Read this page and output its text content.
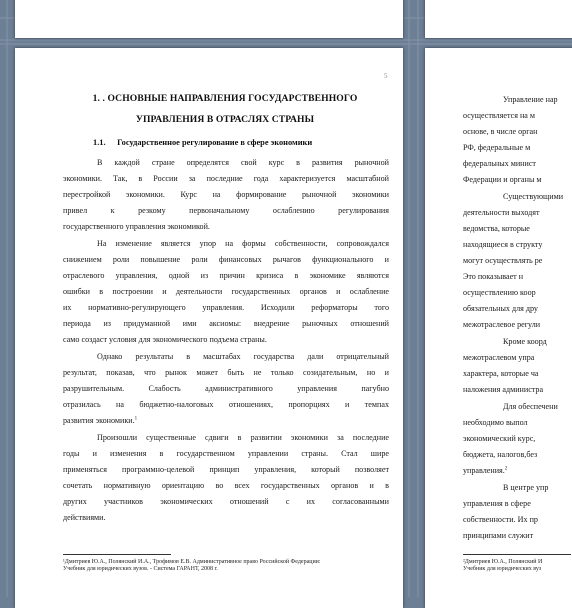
5
1. . ОСНОВНЫЕ НАПРАВЛЕНИЯ ГОСУДАРСТВЕННОГО
УПРАВЛЕНИЯ В ОТРАСЛЯХ СТРАНЫ
1.1. Государственное регулирование в сфере экономики
В каждой стране определятся свой курс в развития рыночной
экономики. Так, в России за последние года характеризуется масштабной
перестройкой экономики. Курс на формирование рыночной экономики
привел к резкому первоначальному ослаблению регулирования
государственного управления экономикой.
На изменение является упор на формы собственности, сопровождался
снижением роли повышение роли финансовых рычагов функционального и
отраслевого управления, одной из причин кризиса в экономике являются
ошибки в построении и деятельности государственных органов и ослабление
их нормативно-регулирующего управления. Исходили реформаторы того
периода из придуманной ими аксиомы: внедрение рыночных отношений
само создаст условия для экономического подъема страны.
Однако результаты в масштабах государства дали отрицательный
результат, показав, что рынок может быть не только созидательным, но и
разрушительным. Слабость административного управления пагубно
отразилась на бюджетно-налоговых отношениях, пропорциях и темпах
развития экономики.$^1$
Произошли существенные сдвиги в развитии экономики за последние
годы и изменения в государственном управлении страны. Стал шире
применяться программно-целевой принцип управления, который позволяет
сочетать нормативную ориентацию во всех государственных органов и в
других участников экономических отношений с их согласованными
действиями.
¹Дмитриев Ю.А., Полянский И.А., Трофимов Е.В. Административное право Российской Федерации:
Учебник для юридических вузов. - Система ГАРАНТ, 2008 г.
Управление нар
осуществляется на м
основе, в числе орган
РФ, федеральные м
федеральных минист
Федерации и органы м
Существующими
деятельности выходят
ведомства, которые
находящиеся в структу
могут осуществлять ре
Это показывает н
осуществлению коор
обязательных для дру
межотраслевое регули
Кроме коорд
межотраслевом упра
характера, которые ча
наложения администра
Для обеспечени
необходимо выпол
экономический курс,
бюджета, налогов,без
управления.$^2$
В центре упр
управления в сфере
собственности. Их пр
принципами служит
²Дмитриев Ю.А., Полянский И
Учебник для юридических вуз
